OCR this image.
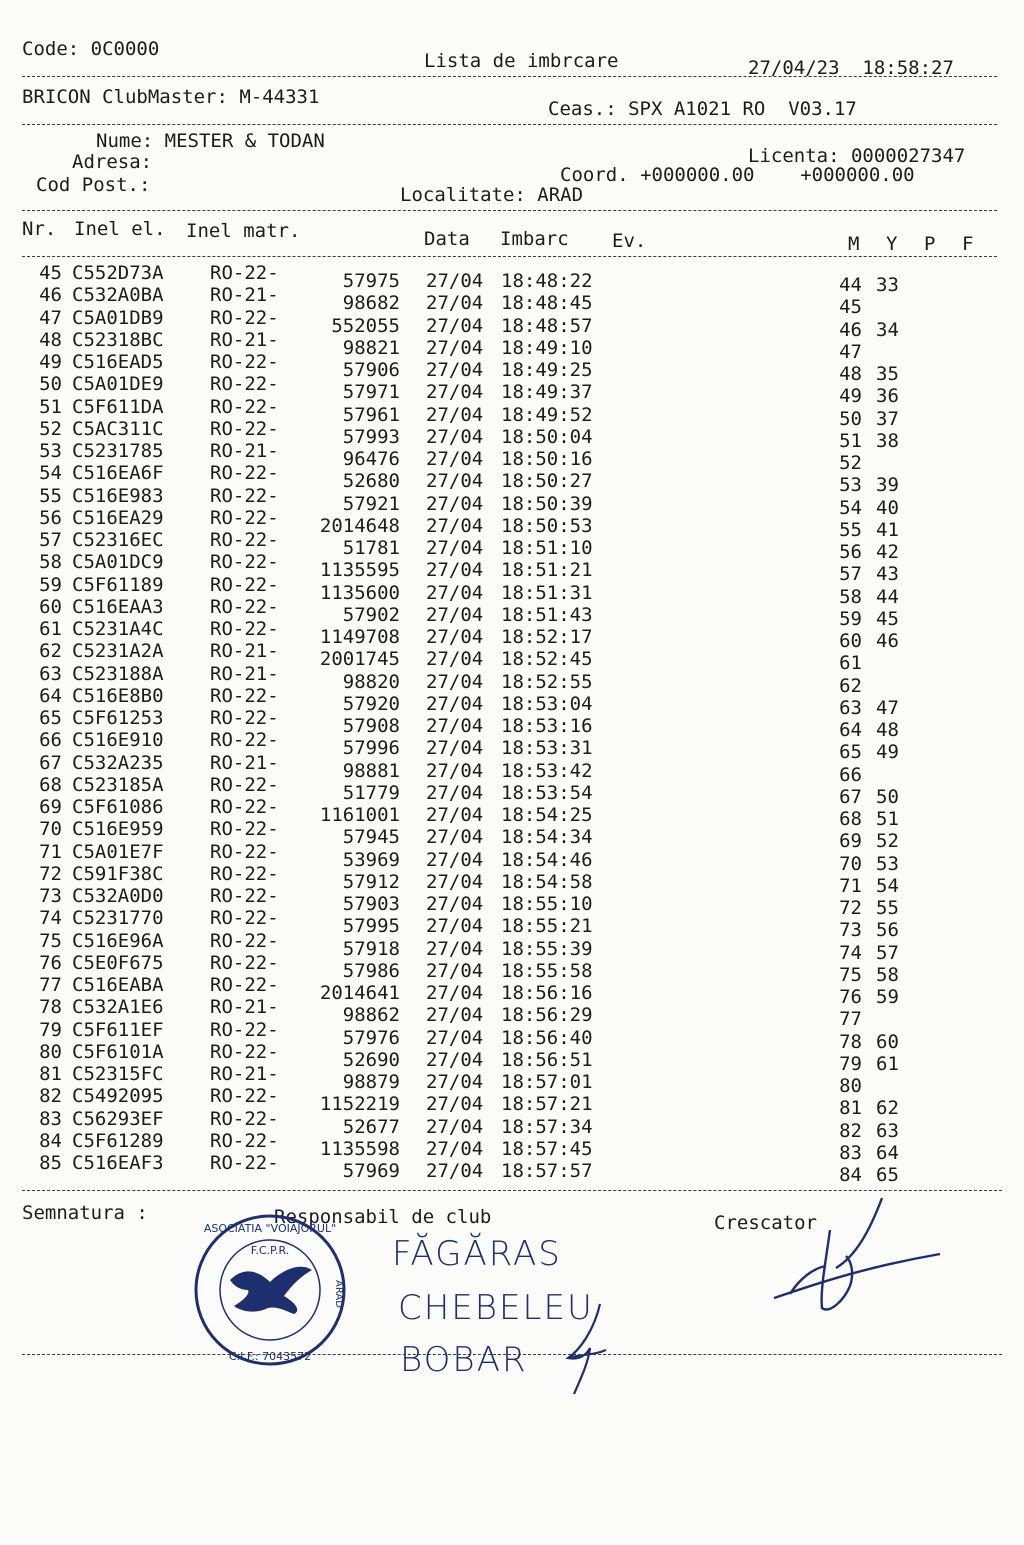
Code: 0C0000
Lista de imbrcare	27/04/23  18:58:27
BRICON ClubMaster: M-44331
Ceas.: SPX A1021 RO  V03.17
Nume: MESTER & TODAN
Adresa:	Licenta: 0000027347
Cod Post.:	Coord. +000000.00    +000000.00
Localitate: ARAD
Nr. Inel el. Inel matr.	Data Imbarc Ev.	M Y P F
45 C552D73A RO-22-	57975 27/04 18:48:22	44 33
46 C532A0BA RO-21-	98682 27/04 18:48:45	45
47 C5A01DB9 RO-22-	552055 27/04 18:48:57	46 34
48 C52318BC RO-21-	98821 27/04 18:49:10	47
49 C516EAD5 RO-22-	57906 27/04 18:49:25	48 35
50 C5A01DE9 RO-22-	57971 27/04 18:49:37	49 36
51 C5F611DA RO-22-	57961 27/04 18:49:52	50 37
52 C5AC311C RO-22-	57993 27/04 18:50:04	51 38
53 C5231785 RO-21-	96476 27/04 18:50:16	52
54 C516EA6F RO-22-	52680 27/04 18:50:27	53 39
55 C516E983 RO-22-	57921 27/04 18:50:39	54 40
56 C516EA29 RO-22-	2014648 27/04 18:50:53	55 41
57 C52316EC RO-22-	51781 27/04 18:51:10	56 42
58 C5A01DC9 RO-22-	1135595 27/04 18:51:21	57 43
59 C5F61189 RO-22-	1135600 27/04 18:51:31	58 44
60 C516EAA3 RO-22-	57902 27/04 18:51:43	59 45
61 C5231A4C RO-22-	1149708 27/04 18:52:17	60 46
62 C5231A2A RO-21-	2001745 27/04 18:52:45	61
63 C523188A RO-21-	98820 27/04 18:52:55	62
64 C516E8B0 RO-22-	57920 27/04 18:53:04	63 47
65 C5F61253 RO-22-	57908 27/04 18:53:16	64 48
66 C516E910 RO-22-	57996 27/04 18:53:31	65 49
67 C532A235 RO-21-	98881 27/04 18:53:42	66
68 C523185A RO-22-	51779 27/04 18:53:54	67 50
69 C5F61086 RO-22-	1161001 27/04 18:54:25	68 51
70 C516E959 RO-22-	57945 27/04 18:54:34	69 52
71 C5A01E7F RO-22-	53969 27/04 18:54:46	70 53
72 C591F38C RO-22-	57912 27/04 18:54:58	71 54
73 C532A0D0 RO-22-	57903 27/04 18:55:10	72 55
74 C5231770 RO-22-	57995 27/04 18:55:21	73 56
75 C516E96A RO-22-	57918 27/04 18:55:39	74 57
76 C5E0F675 RO-22-	57986 27/04 18:55:58	75 58
77 C516EABA RO-22-	2014641 27/04 18:56:16	76 59
78 C532A1E6 RO-21-	98862 27/04 18:56:29	77
79 C5F611EF RO-22-	57976 27/04 18:56:40	78 60
80 C5F6101A RO-22-	52690 27/04 18:56:51	79 61
81 C52315FC RO-21-	98879 27/04 18:57:01	80
82 C5492095 RO-22-	1152219 27/04 18:57:21	81 62
83 C56293EF RO-22-	52677 27/04 18:57:34	82 63
84 C5F61289 RO-22-	1135598 27/04 18:57:45	83 64
85 C516EAF3 RO-22-	57969 27/04 18:57:57	84 65
Semnatura :	Responsabil de club	Crescator
ASOCIATIA "VOIAJORUL"
F.C.P.R.
C.I.F.: 7043572
ARAD
FĂGĂRAS
CHEBELEU
BOBAR
